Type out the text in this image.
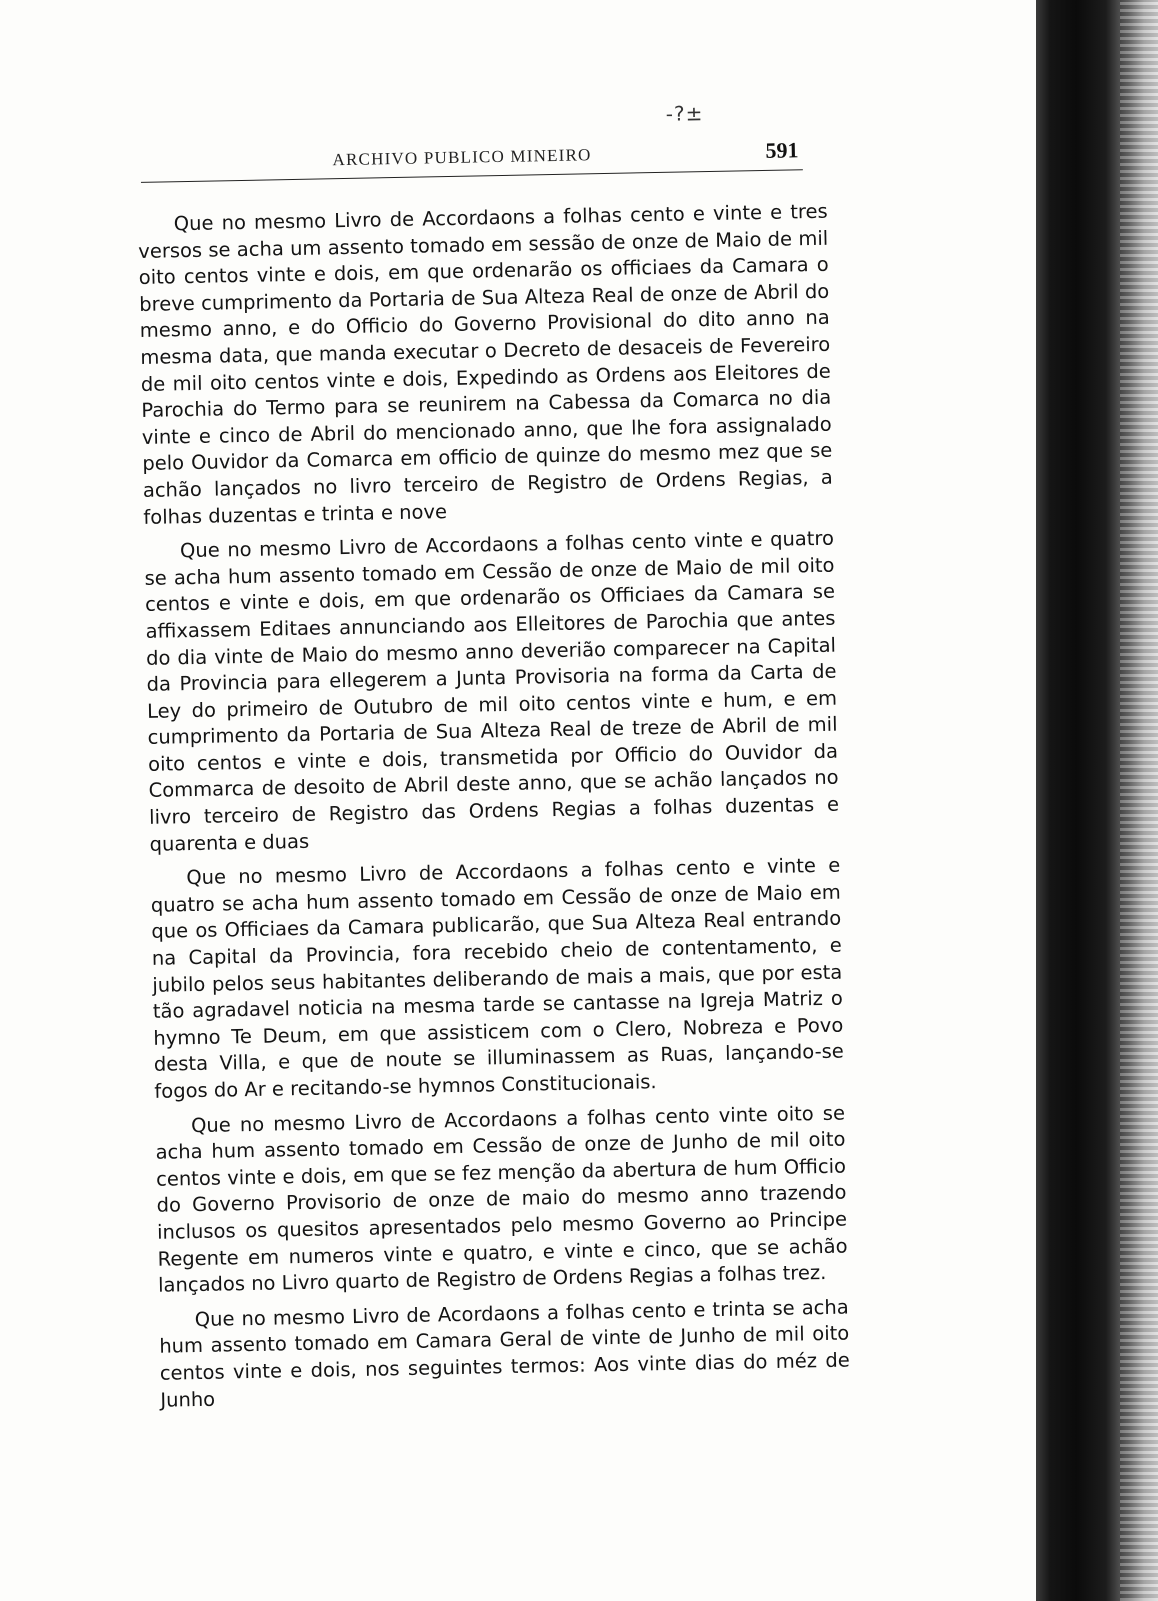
-?±
ARCHIVO PUBLICO MINEIRO	591

Que no mesmo Livro de Accordaons a folhas cento e vinte e tres versos se acha um assento tomado em sessão de onze de Maio de mil oito centos vinte e dois, em que ordenarão os officiaes da Camara o breve cumprimento da Portaria de Sua Alteza Real de onze de Abril do mesmo anno, e do Officio do Governo Provisional do dito anno na mesma data, que manda executar o Decreto de desaceis de Fevereiro de mil oito centos vinte e dois, Expedindo as Ordens aos Eleitores de Parochia do Termo para se reunirem na Cabessa da Comarca no dia vinte e cinco de Abril do mencionado anno, que lhe fora assignalado pelo Ouvidor da Comarca em officio de quinze do mesmo mez que se achão lançados no livro terceiro de Registro de Ordens Regias, a folhas duzentas e trinta e nove

Que no mesmo Livro de Accordaons a folhas cento vinte e quatro se acha hum assento tomado em Cessão de onze de Maio de mil oito centos e vinte e dois, em que ordenarão os Officiaes da Camara se affixassem Editaes annunciando aos Elleitores de Parochia que antes do dia vinte de Maio do mesmo anno deverião comparecer na Capital da Provincia para ellegerem a Junta Provisoria na forma da Carta de Ley do primeiro de Outubro de mil oito centos vinte e hum, e em cumprimento da Portaria de Sua Alteza Real de treze de Abril de mil oito centos e vinte e dois, transmetida por Officio do Ouvidor da Commarca de desoito de Abril deste anno, que se achão lançados no livro terceiro de Registro das Ordens Regias a folhas duzentas e quarenta e duas

Que no mesmo Livro de Accordaons a folhas cento e vinte e quatro se acha hum assento tomado em Cessão de onze de Maio em que os Officiaes da Camara publicarão, que Sua Alteza Real entrando na Capital da Provincia, fora recebido cheio de contentamento, e jubilo pelos seus habitantes deliberando de mais a mais, que por esta tão agradavel noticia na mesma tarde se cantasse na Igreja Matriz o hymno Te Deum, em que assisticem com o Clero, Nobreza e Povo desta Villa, e que de noute se illuminassem as Ruas, lançando-se fogos do Ar e recitando-se hymnos Constitucionais.

Que no mesmo Livro de Accordaons a folhas cento vinte oito se acha hum assento tomado em Cessão de onze de Junho de mil oito centos vinte e dois, em que se fez menção da abertura de hum Officio do Governo Provisorio de onze de maio do mesmo anno trazendo inclusos os quesitos apresentados pelo mesmo Governo ao Principe Regente em numeros vinte e quatro, e vinte e cinco, que se achão lançados no Livro quarto de Registro de Ordens Regias a folhas trez.

Que no mesmo Livro de Acordaons a folhas cento e trinta se acha hum assento tomado em Camara Geral de vinte de Junho de mil oito centos vinte e dois, nos seguintes termos: Aos vinte dias do méz de Junho
